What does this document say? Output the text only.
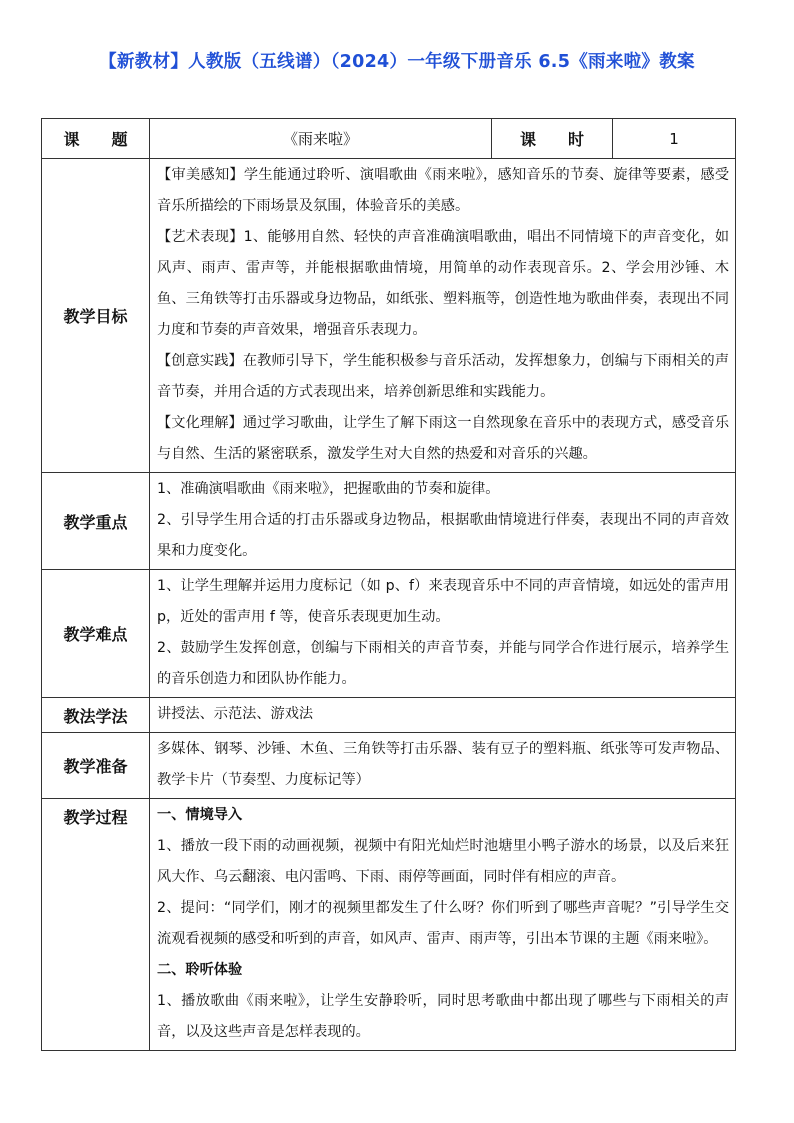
【新教材】人教版（五线谱）（2024）一年级下册音乐 6.5《雨来啦》教案
课　　题	《雨来啦》	课　　时	1
教学目标	【审美感知】学生能通过聆听、演唱歌曲《雨来啦》，感知音乐的节奏、旋律等要素，感受音乐所描绘的下雨场景及氛围，体验音乐的美感。

【艺术表现】1、能够用自然、轻快的声音准确演唱歌曲，唱出不同情境下的声音变化，如风声、雨声、雷声等，并能根据歌曲情境，用简单的动作表现音乐。2、学会用沙锤、木鱼、三角铁等打击乐器或身边物品，如纸张、塑料瓶等，创造性地为歌曲伴奏，表现出不同力度和节奏的声音效果，增强音乐表现力。

【创意实践】在教师引导下，学生能积极参与音乐活动，发挥想象力，创编与下雨相关的声音节奏，并用合适的方式表现出来，培养创新思维和实践能力。

【文化理解】通过学习歌曲，让学生了解下雨这一自然现象在音乐中的表现方式，感受音乐与自然、生活的紧密联系，激发学生对大自然的热爱和对音乐的兴趣。		

教学重点	1、准确演唱歌曲《雨来啦》，把握歌曲的节奏和旋律。

2、引导学生用合适的打击乐器或身边物品，根据歌曲情境进行伴奏，表现出不同的声音效果和力度变化。		

教学难点	1、让学生理解并运用力度标记（如 p、f）来表现音乐中不同的声音情境，如远处的雷声用 p，近处的雷声用 f 等，使音乐表现更加生动。

2、鼓励学生发挥创意，创编与下雨相关的声音节奏，并能与同学合作进行展示，培养学生的音乐创造力和团队协作能力。		

教法学法	讲授法、示范法、游戏法		

教学准备	多媒体、钢琴、沙锤、木鱼、三角铁等打击乐器、装有豆子的塑料瓶、纸张等可发声物品、教学卡片（节奏型、力度标记等）		

教学过程	一、情境导入

1、播放一段下雨的动画视频，视频中有阳光灿烂时池塘里小鸭子游水的场景，以及后来狂风大作、乌云翻滚、电闪雷鸣、下雨、雨停等画面，同时伴有相应的声音。

2、提问：“同学们，刚才的视频里都发生了什么呀？你们听到了哪些声音呢？”引导学生交流观看视频的感受和听到的声音，如风声、雷声、雨声等，引出本节课的主题《雨来啦》。

二、聆听体验

1、播放歌曲《雨来啦》，让学生安静聆听，同时思考歌曲中都出现了哪些与下雨相关的声音，以及这些声音是怎样表现的。		
